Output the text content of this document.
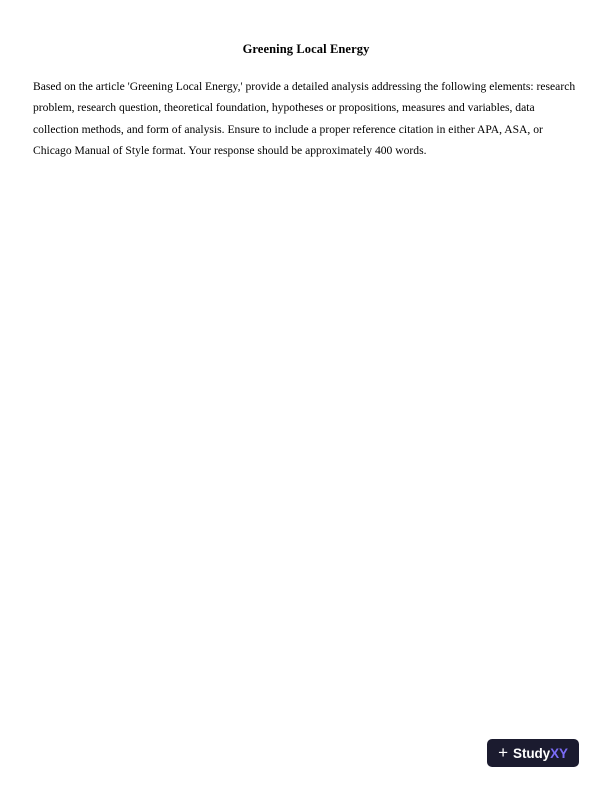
Greening Local Energy

Based on the article 'Greening Local Energy,' provide a detailed analysis addressing the following elements: research problem, research question, theoretical foundation, hypotheses or propositions, measures and variables, data collection methods, and form of analysis. Ensure to include a proper reference citation in either APA, ASA, or Chicago Manual of Style format. Your response should be approximately 400 words.

+ StudyXY
